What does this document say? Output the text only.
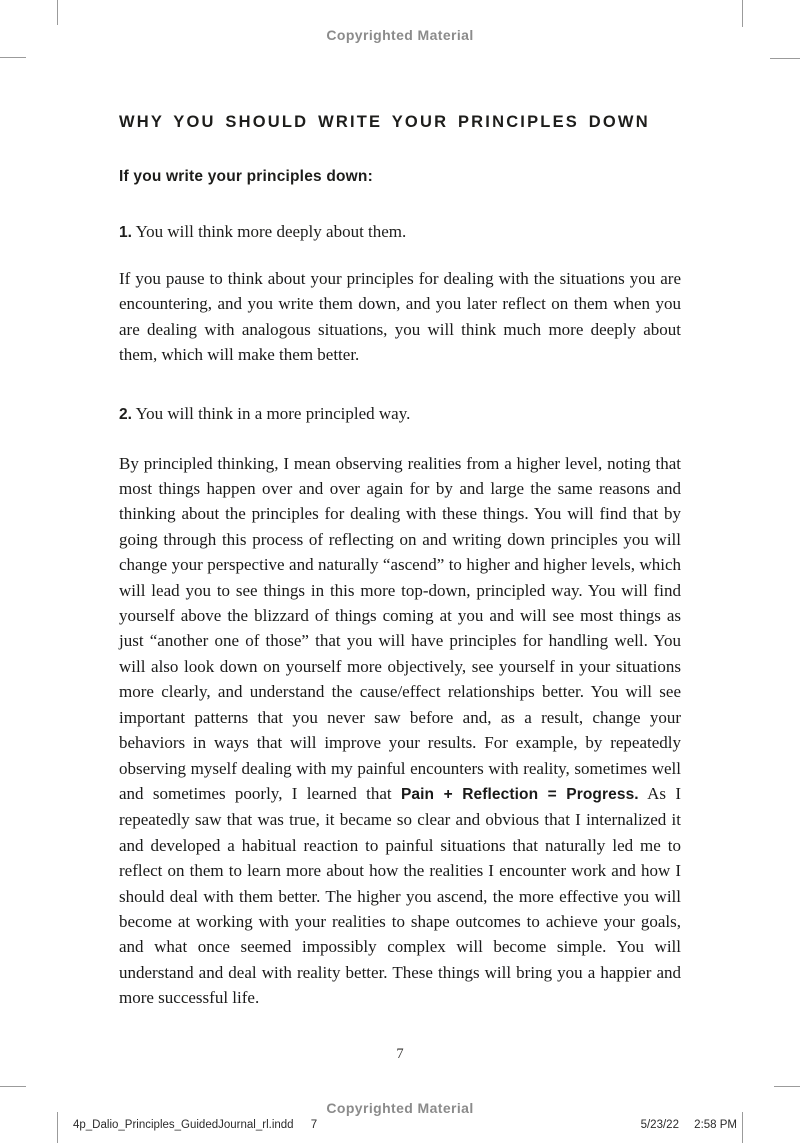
Copyrighted Material
WHY YOU SHOULD WRITE YOUR PRINCIPLES DOWN
If you write your principles down:
1. You will think more deeply about them.

If you pause to think about your principles for dealing with the situations you are encountering, and you write them down, and you later reflect on them when you are dealing with analogous situations, you will think much more deeply about them, which will make them better.

2. You will think in a more principled way.

By principled thinking, I mean observing realities from a higher level, noting that most things happen over and over again for by and large the same reasons and thinking about the principles for dealing with these things. You will find that by going through this process of reflecting on and writing down principles you will change your perspective and naturally “ascend” to higher and higher levels, which will lead you to see things in this more top-down, principled way. You will find yourself above the blizzard of things coming at you and will see most things as just “another one of those” that you will have principles for handling well. You will also look down on yourself more objectively, see yourself in your situations more clearly, and understand the cause/effect relationships better. You will see important patterns that you never saw before and, as a result, change your behaviors in ways that will improve your results. For example, by repeatedly observing myself dealing with my painful encounters with reality, sometimes well and sometimes poorly, I learned that Pain + Reflection = Progress. As I repeatedly saw that was true, it became so clear and obvious that I internalized it and developed a habitual reaction to painful situations that naturally led me to reflect on them to learn more about how the realities I encounter work and how I should deal with them better. The higher you ascend, the more effective you will become at working with your realities to shape outcomes to achieve your goals, and what once seemed impossibly complex will become simple. You will understand and deal with reality better. These things will bring you a happier and more successful life.

7
Copyrighted Material
4p_Dalio_Principles_GuidedJournal_rl.indd 7	5/23/22 2:58 PM
